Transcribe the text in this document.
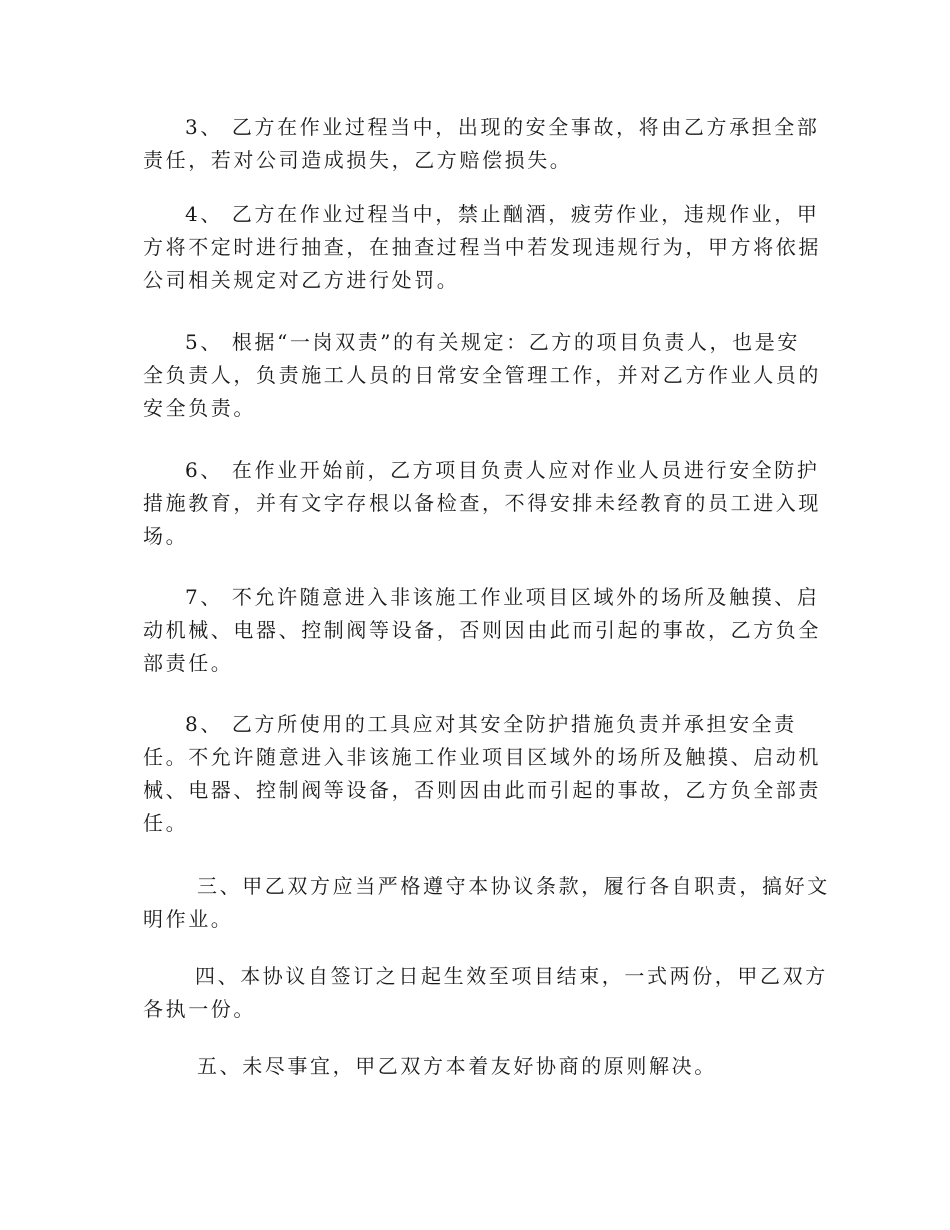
3、 乙方在作业过程当中，出现的安全事故，将由乙方承担全部
责任，若对公司造成损失，乙方赔偿损失。
4、 乙方在作业过程当中，禁止酗酒，疲劳作业，违规作业，甲
方将不定时进行抽查，在抽查过程当中若发现违规行为，甲方将依据
公司相关规定对乙方进行处罚。
5、 根据“一岗双责”的有关规定：乙方的项目负责人，也是安
全负责人，负责施工人员的日常安全管理工作，并对乙方作业人员的
安全负责。
6、 在作业开始前，乙方项目负责人应对作业人员进行安全防护
措施教育，并有文字存根以备检查，不得安排未经教育的员工进入现
场。
7、 不允许随意进入非该施工作业项目区域外的场所及触摸、启
动机械、电器、控制阀等设备，否则因由此而引起的事故，乙方负全
部责任。
8、 乙方所使用的工具应对其安全防护措施负责并承担安全责
任。不允许随意进入非该施工作业项目区域外的场所及触摸、启动机
械、电器、控制阀等设备，否则因由此而引起的事故，乙方负全部责
任。
三、甲乙双方应当严格遵守本协议条款，履行各自职责，搞好文
明作业。
四、本协议自签订之日起生效至项目结束，一式两份，甲乙双方
各执一份。
五、未尽事宜，甲乙双方本着友好协商的原则解决。
